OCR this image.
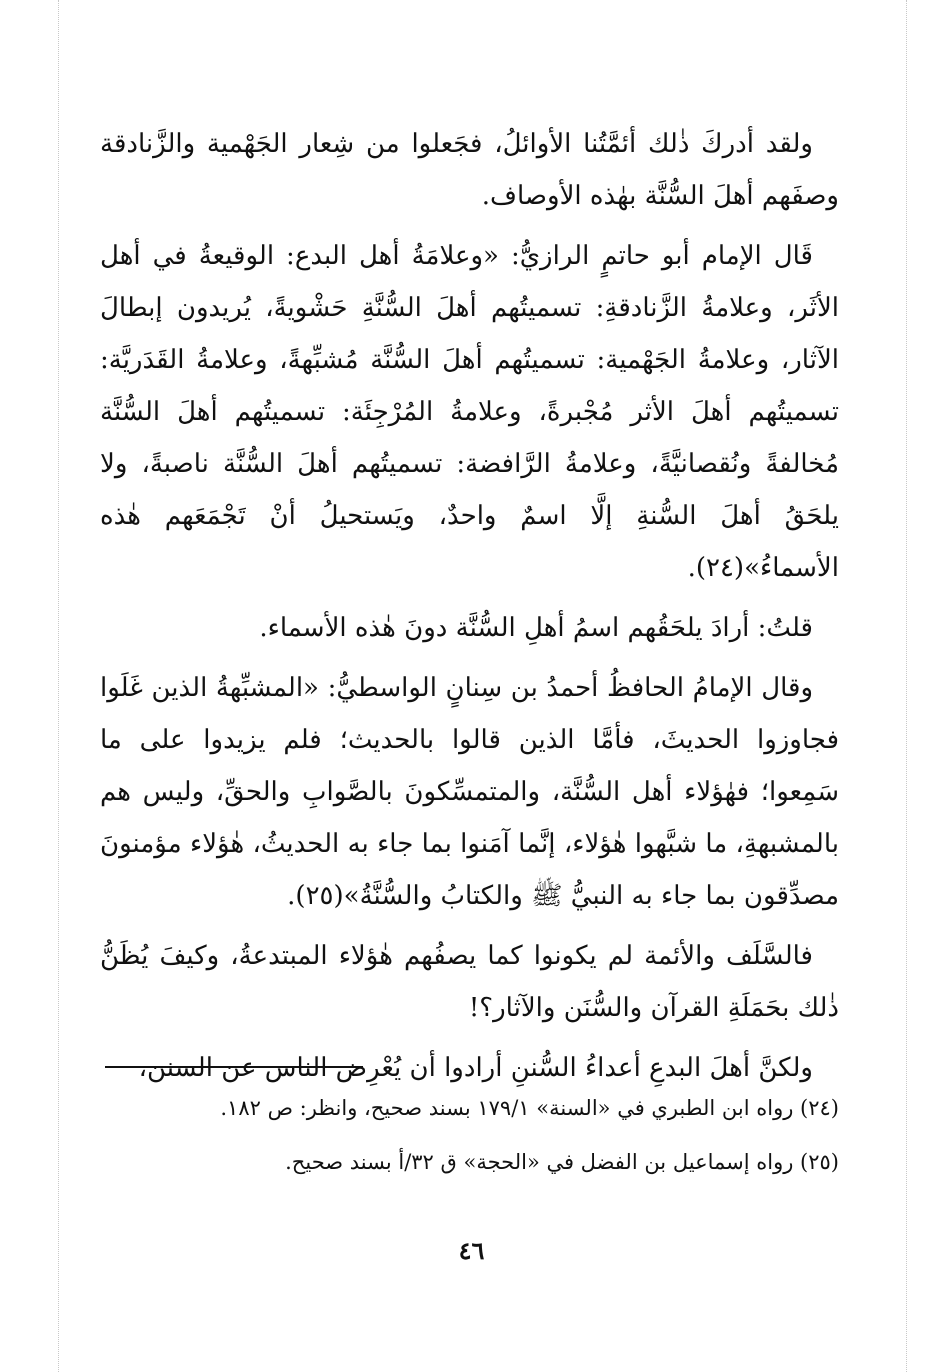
ولقد أدركَ ذٰلك أئمَّتُنا الأوائلُ، فجَعلوا من شِعار الجَهْمية والزَّنادقة وصفَهم أهلَ السُّنَّة بهٰذه الأوصاف.

قَال الإمام أبو حاتمٍ الرازيُّ: «وعلامَةُ أهل البدع: الوقيعةُ في أهل الأثَر، وعلامةُ الزَّنادقةِ: تسميتُهم أهلَ السُّنَّةِ حَشْويةً، يُريدون إبطالَ الآثار، وعلامةُ الجَهْمية: تسميتُهم أهلَ السُّنَّة مُشبِّهةً، وعلامةُ القَدَريَّة: تسميتُهم أهلَ الأثر مُجْبرةً، وعلامةُ المُرْجِئَة: تسميتُهم أهلَ السُّنَّة مُخالفةً ونُقصانيَّةً، وعلامةُ الرَّافضة: تسميتُهم أهلَ السُّنَّة ناصبةً، ولا يلحَقُ أهلَ السُّنةِ إلَّا اسمٌ واحدٌ، ويَستحيلُ أنْ تَجْمَعَهم هٰذه الأسماءُ»(٢٤).

قلتُ: أرادَ يلحَقُهم اسمُ أهلِ السُّنَّة دونَ هٰذه الأسماء.

وقال الإمامُ الحافظُ أحمدُ بن سِنانٍ الواسطيُّ: «المشبِّهةُ الذين غَلَوا فجاوزوا الحديثَ، فأمَّا الذين قالوا بالحديث؛ فلم يزيدوا على ما سَمِعوا؛ فهٰؤلاء أهل السُّنَّة، والمتمسِّكونَ بالصَّوابِ والحقِّ، وليس هم بالمشبهةِ، ما شبَّهوا هٰؤلاء، إنَّما آمَنوا بما جاء به الحديثُ، هٰؤلاء مؤمنونَ مصدِّقون بما جاء به النبيُّ ﷺ والكتابُ والسُّنَّةُ»(٢٥).

فالسَّلَف والأئمة لم يكونوا كما يصفُهم هٰؤلاء المبتدعةُ، وكيفَ يُظَنُّ ذٰلك بحَمَلَةِ القرآن والسُّنَن والآثار؟!

ولكنَّ أهلَ البدعِ أعداءُ السُّننِ أرادوا أن يُعْرِض الناس عن السنن،

(٢٤) رواه ابن الطبري في «السنة» ١٧٩/١ بسند صحيح، وانظر: ص ١٨٢.

(٢٥) رواه إسماعيل بن الفضل في «الحجة» ق ٣٢/أ بسند صحيح.

٤٦
